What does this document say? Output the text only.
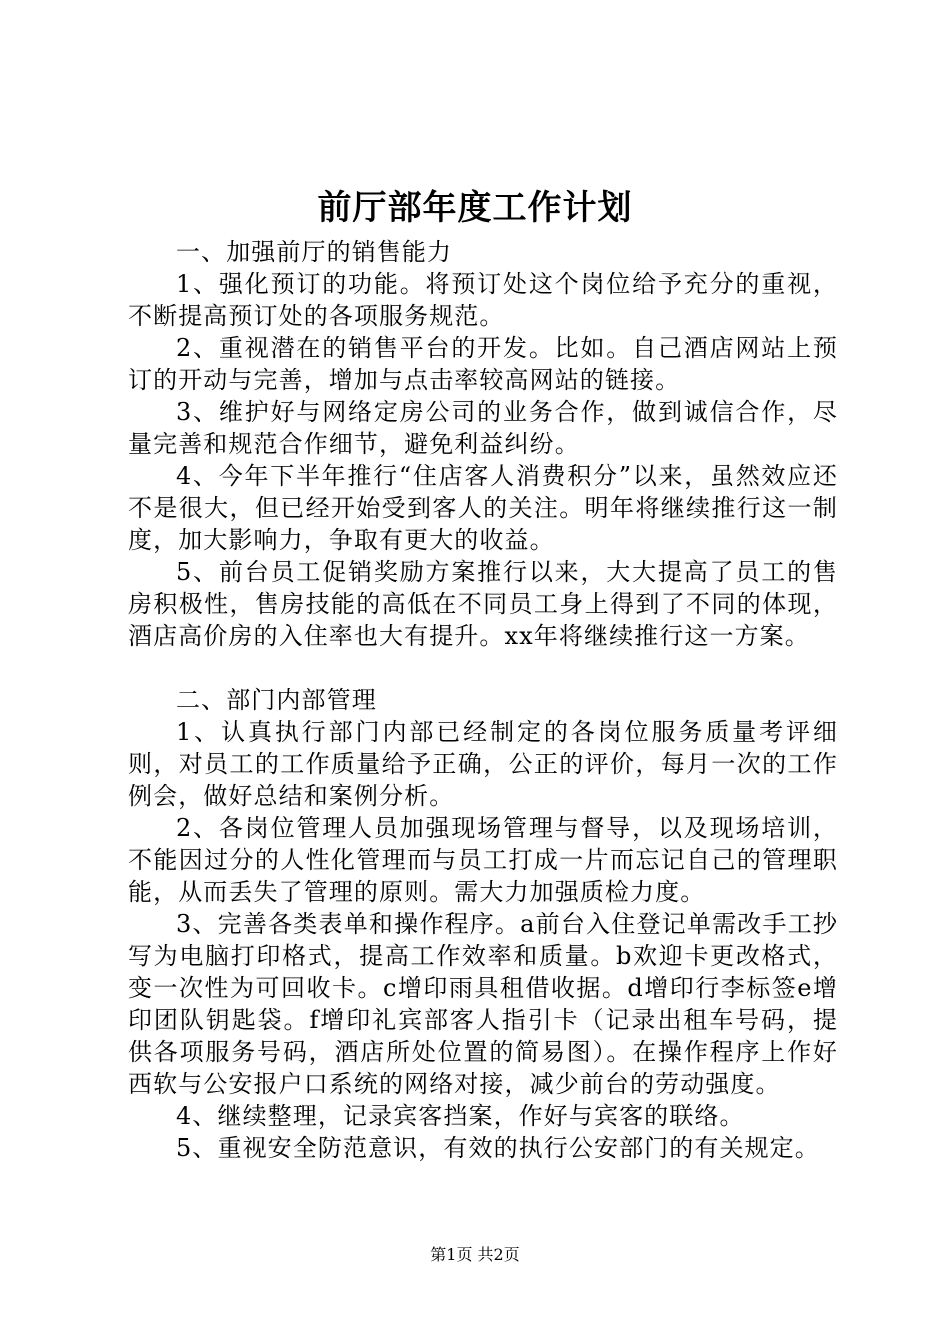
前厅部年度工作计划

一、加强前厅的销售能力

1、强化预订的功能。将预订处这个岗位给予充分的重视，不断提高预订处的各项服务规范。

2、重视潜在的销售平台的开发。比如。自己酒店网站上预订的开动与完善，增加与点击率较高网站的链接。

3、维护好与网络定房公司的业务合作，做到诚信合作，尽量完善和规范合作细节，避免利益纠纷。

4、今年下半年推行“住店客人消费积分”以来，虽然效应还不是很大，但已经开始受到客人的关注。明年将继续推行这一制度，加大影响力，争取有更大的收益。

5、前台员工促销奖励方案推行以来，大大提高了员工的售房积极性，售房技能的高低在不同员工身上得到了不同的体现，酒店高价房的入住率也大有提升。xx年将继续推行这一方案。

二、部门内部管理

1、认真执行部门内部已经制定的各岗位服务质量考评细则，对员工的工作质量给予正确，公正的评价，每月一次的工作例会，做好总结和案例分析。

2、各岗位管理人员加强现场管理与督导，以及现场培训，不能因过分的人性化管理而与员工打成一片而忘记自己的管理职能，从而丢失了管理的原则。需大力加强质检力度。

3、完善各类表单和操作程序。a前台入住登记单需改手工抄写为电脑打印格式，提高工作效率和质量。b欢迎卡更改格式，变一次性为可回收卡。c增印雨具租借收据。d增印行李标签e增印团队钥匙袋。f增印礼宾部客人指引卡（记录出租车号码，提供各项服务号码，酒店所处位置的简易图）。在操作程序上作好西软与公安报户口系统的网络对接，减少前台的劳动强度。

4、继续整理，记录宾客挡案，作好与宾客的联络。

5、重视安全防范意识，有效的执行公安部门的有关规定。

第1页 共2页
